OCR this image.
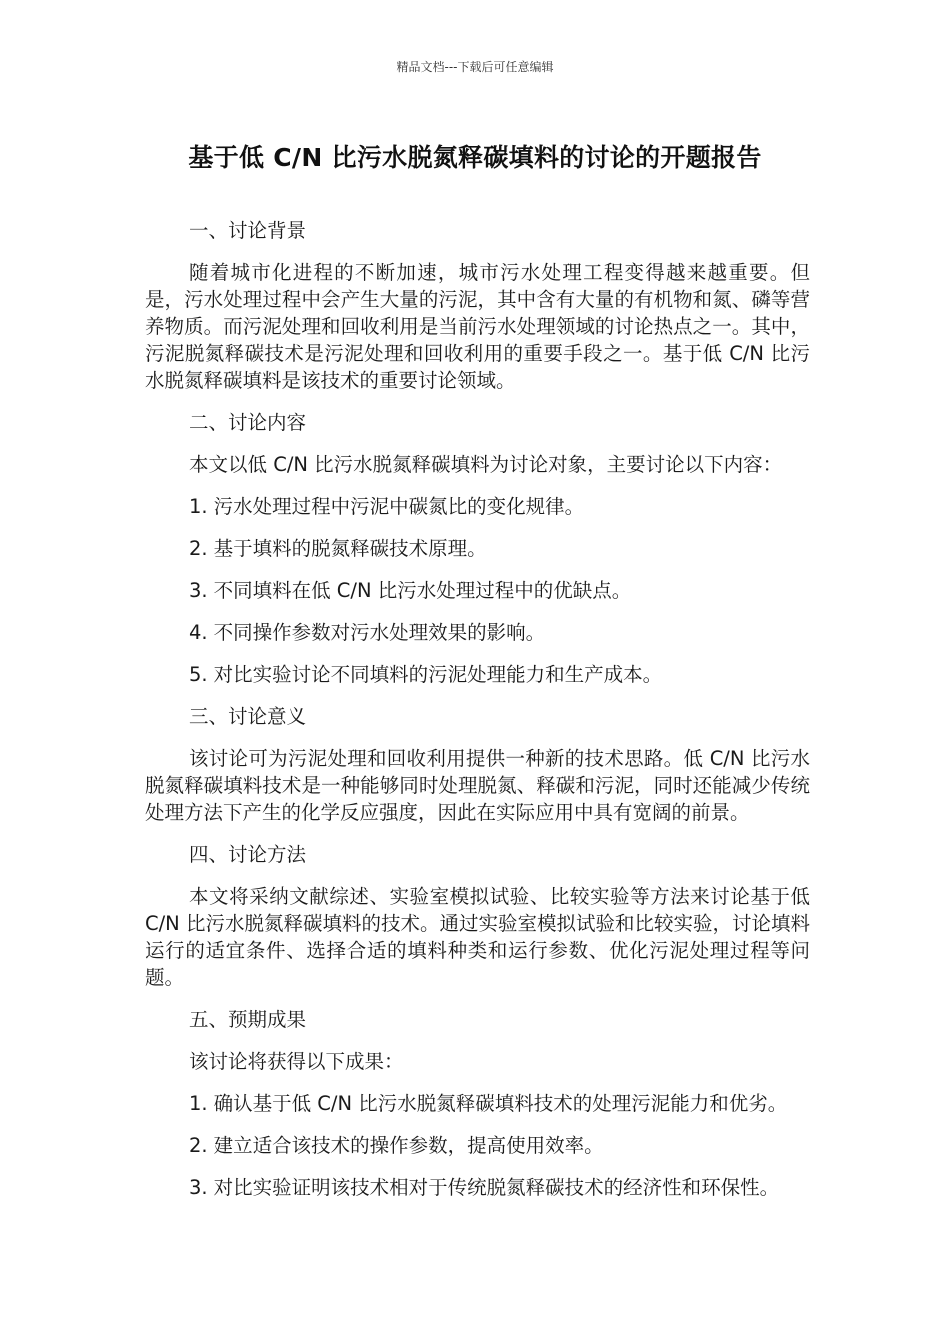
精品文档---下载后可任意编辑
基于低 C/N 比污水脱氮释碳填料的讨论的开题报告

一、讨论背景

随着城市化进程的不断加速，城市污水处理工程变得越来越重要。但是，污水处理过程中会产生大量的污泥，其中含有大量的有机物和氮、磷等营养物质。而污泥处理和回收利用是当前污水处理领域的讨论热点之一。其中，污泥脱氮释碳技术是污泥处理和回收利用的重要手段之一。基于低 C/N 比污水脱氮释碳填料是该技术的重要讨论领域。

二、讨论内容

本文以低 C/N 比污水脱氮释碳填料为讨论对象，主要讨论以下内容：

1. 污水处理过程中污泥中碳氮比的变化规律。
2. 基于填料的脱氮释碳技术原理。
3. 不同填料在低 C/N 比污水处理过程中的优缺点。
4. 不同操作参数对污水处理效果的影响。
5. 对比实验讨论不同填料的污泥处理能力和生产成本。

三、讨论意义

该讨论可为污泥处理和回收利用提供一种新的技术思路。低 C/N 比污水脱氮释碳填料技术是一种能够同时处理脱氮、释碳和污泥，同时还能减少传统处理方法下产生的化学反应强度，因此在实际应用中具有宽阔的前景。

四、讨论方法

本文将采纳文献综述、实验室模拟试验、比较实验等方法来讨论基于低 C/N 比污水脱氮释碳填料的技术。通过实验室模拟试验和比较实验，讨论填料运行的适宜条件、选择合适的填料种类和运行参数、优化污泥处理过程等问题。

五、预期成果

该讨论将获得以下成果：

1. 确认基于低 C/N 比污水脱氮释碳填料技术的处理污泥能力和优劣。
2. 建立适合该技术的操作参数，提高使用效率。
3. 对比实验证明该技术相对于传统脱氮释碳技术的经济性和环保性。
